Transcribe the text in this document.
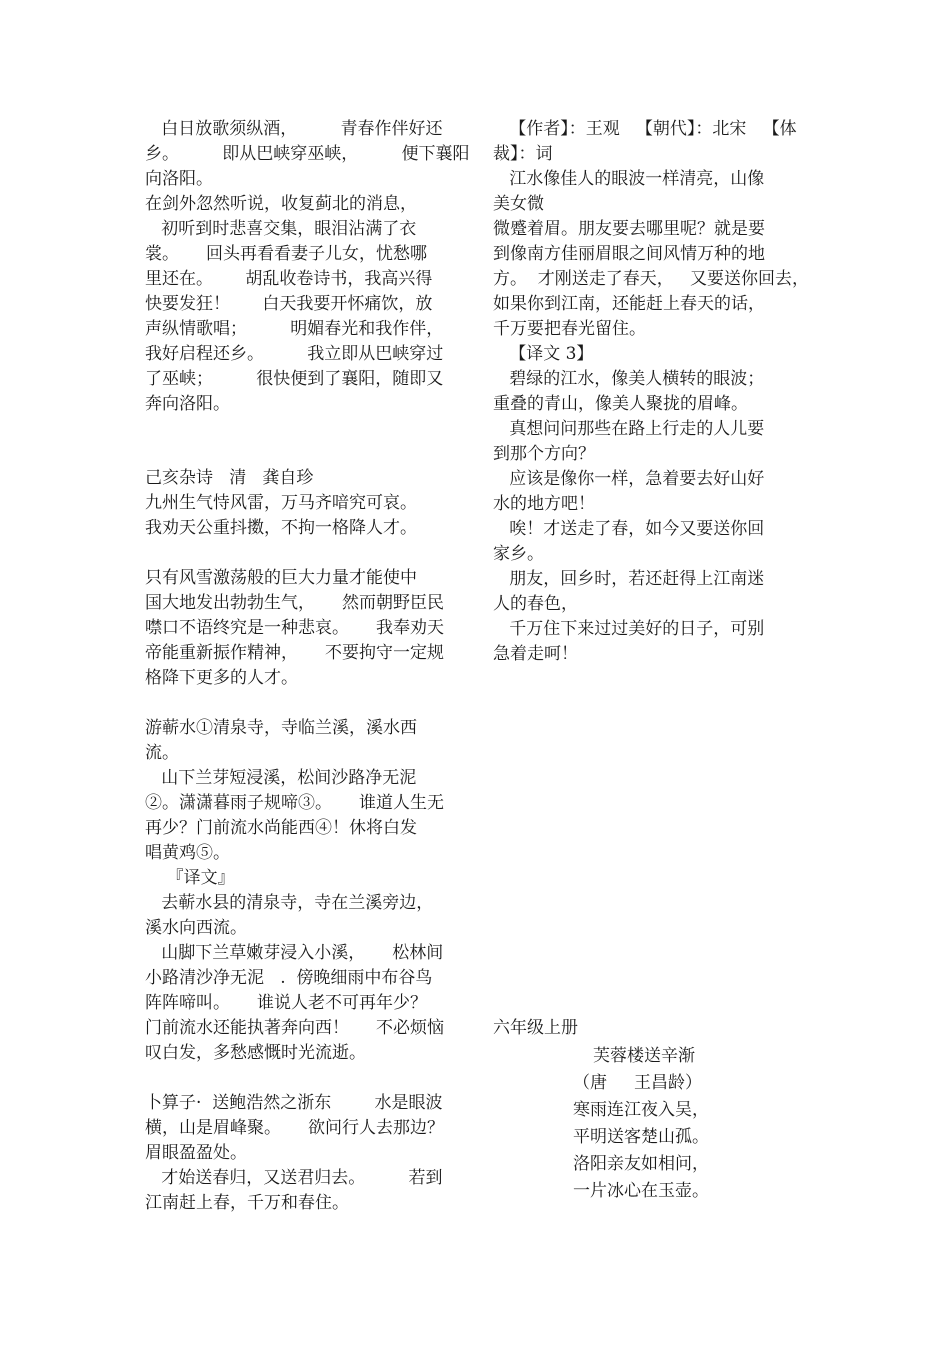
白日放歌须纵酒，        青春作伴好还
乡。        即从巴峡穿巫峡，        便下襄阳
向洛阳。
在剑外忽然听说，收复蓟北的消息，
初听到时悲喜交集，眼泪沾满了衣
裳。     回头再看看妻子儿女，忧愁哪
里还在。      胡乱收卷诗书，我高兴得
快要发狂！      白天我要开怀痛饮，放
声纵情歌唱；        明媚春光和我作伴，
我好启程还乡。        我立即从巴峡穿过
了巫峡；        很快便到了襄阳，随即又
奔向洛阳。
己亥杂诗   清   龚自珍
九州生气恃风雷，万马齐喑究可哀。
我劝天公重抖擞，不拘一格降人才。
只有风雪激荡般的巨大力量才能使中
国大地发出勃勃生气，     然而朝野臣民
噤口不语终究是一种悲哀。     我奉劝天
帝能重新振作精神，     不要拘守一定规
格降下更多的人才。
游蕲水①清泉寺，寺临兰溪，溪水西
流。
山下兰芽短浸溪，松间沙路净无泥
②。潇潇暮雨子规啼③。     谁道人生无
再少？门前流水尚能西④！休将白发
唱黄鸡⑤。
『译文』
去蕲水县的清泉寺，寺在兰溪旁边，
溪水向西流。
山脚下兰草嫩芽浸入小溪，     松林间
小路清沙净无泥   .  傍晚细雨中布谷鸟
阵阵啼叫。     谁说人老不可再年少？
门前流水还能执著奔向西！     不必烦恼
叹白发，多愁感慨时光流逝。
卜算子·  送鲍浩然之浙东        水是眼波
横，山是眉峰聚。     欲问行人去那边？
眉眼盈盈处。
才始送春归，又送君归去。        若到
江南赶上春，千万和春住。
【作者】：王观   【朝代】：北宋   【体
裁】：词
江水像佳人的眼波一样清亮，山像
美女微
微蹙着眉。朋友要去哪里呢？就是要
到像南方佳丽眉眼之间风情万种的地
方。  才刚送走了春天，   又要送你回去，
如果你到江南，还能赶上春天的话，
千万要把春光留住。
【译文 3】
碧绿的江水，像美人横转的眼波；
重叠的青山，像美人聚拢的眉峰。
真想问问那些在路上行走的人儿要
到那个方向？
应该是像你一样，急着要去好山好
水的地方吧！
唉！才送走了春，如今又要送你回
家乡。
朋友，回乡时，若还赶得上江南迷
人的春色，
千万住下来过过美好的日子，可别
急着走呵！
六年级上册
芙蓉楼送辛渐
（唐     王昌龄）
寒雨连江夜入吴，
平明送客楚山孤。
洛阳亲友如相问，
一片冰心在玉壶。
